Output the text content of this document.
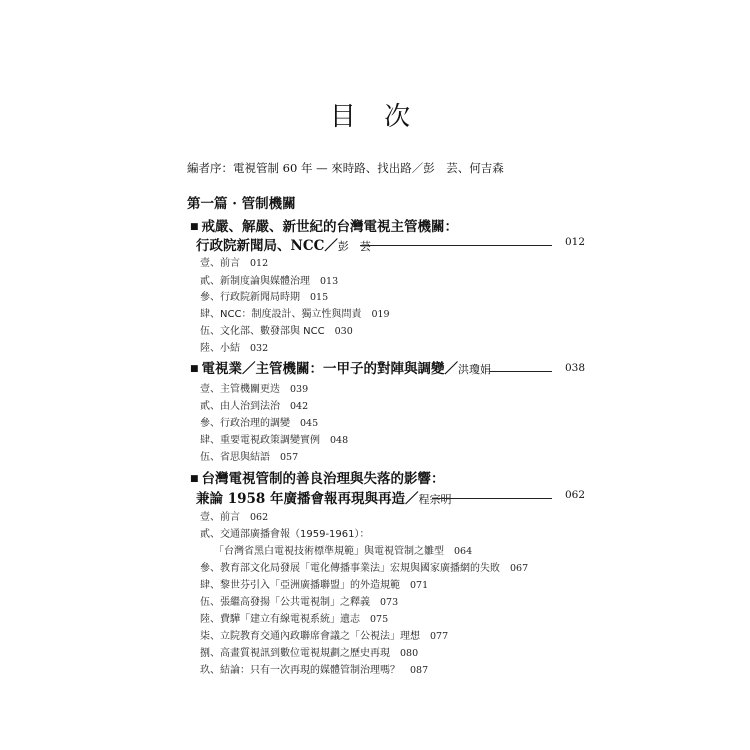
目 次
編者序：電視管制 60 年 — 來時路、找出路／彭　芸、何吉森
第一篇 · 管制機關
■ 戒嚴、解嚴、新世紀的台灣電視主管機關：
行政院新聞局、NCC／彭　芸	012
壹、前言 012
貳、新制度論與媒體治理 013
參、行政院新聞局時期 015
肆、NCC：制度設計、獨立性與問責 019
伍、文化部、數發部與 NCC 030
陸、小結 032
■ 電視業／主管機關：一甲子的對陣與調變／洪瓊娟	038
壹、主管機關更迭 039
貳、由人治到法治 042
參、行政治理的調變 045
肆、重要電視政策調變實例 048
伍、省思與結語 057
■ 台灣電視管制的善良治理與失落的影響：
兼論 1958 年廣播會報再現與再造／程宗明	062
壹、前言 062
貳、交通部廣播會報（1959-1961）：
「台灣省黑白電視技術標準規範」與電視管制之雛型 064
參、教育部文化局發展「電化傳播事業法」宏規與國家廣播網的失敗 067
肆、黎世芬引入「亞洲廣播聯盟」的外造規範 071
伍、張繼高發揚「公共電視制」之釋義 073
陸、費驊「建立有線電視系統」遺志 075
柒、立院教育交通內政聯席會議之「公視法」理想 077
捌、高畫質視訊到數位電視規劃之歷史再現 080
玖、結論：只有一次再現的媒體管制治理嗎？ 087
